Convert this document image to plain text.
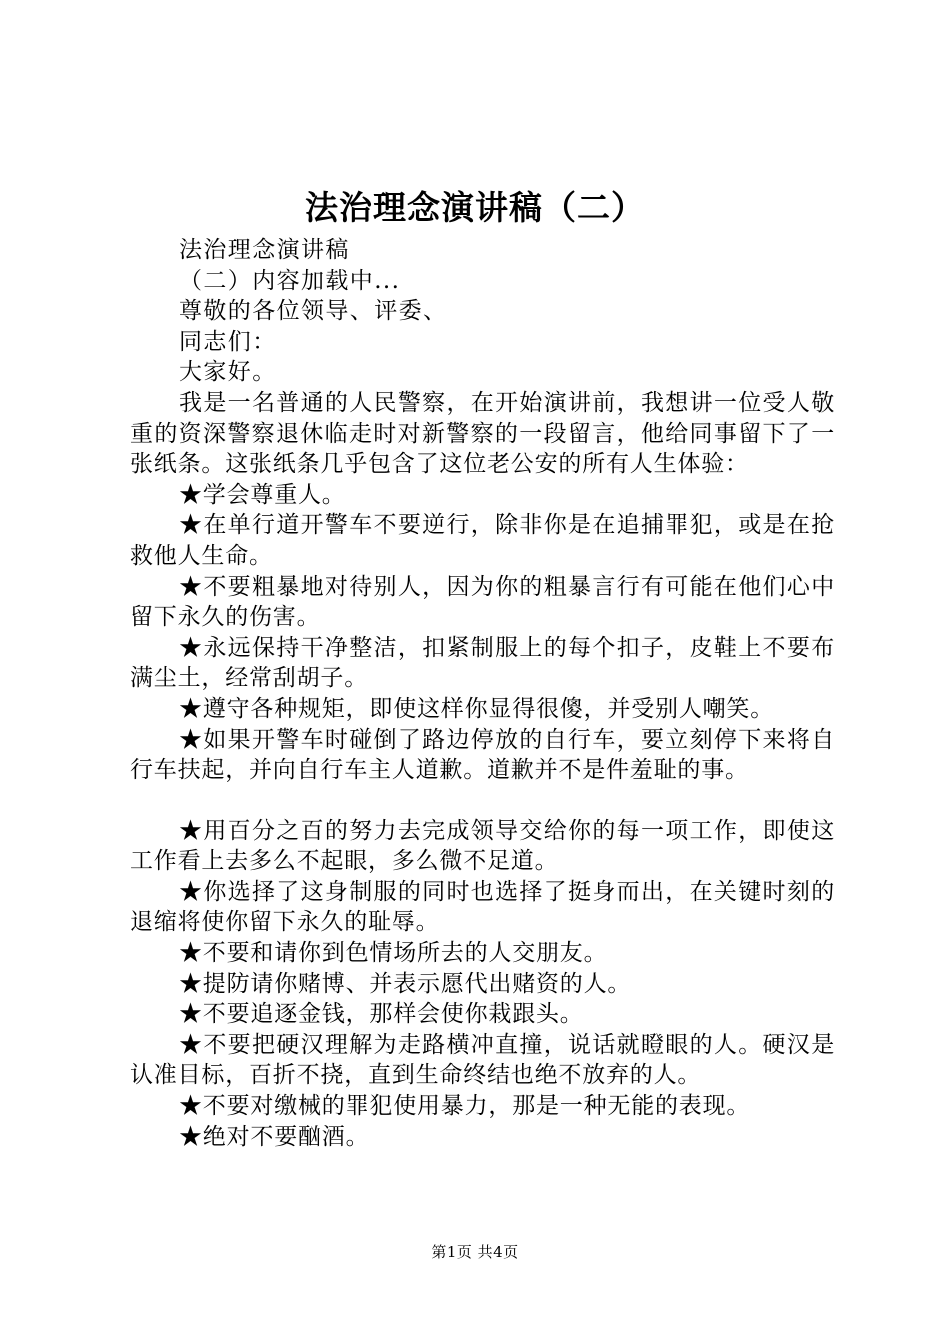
法治理念演讲稿（二）

法治理念演讲稿

（二）内容加载中...

尊敬的各位领导、评委、

同志们：

大家好。

我是一名普通的人民警察，在开始演讲前，我想讲一位受人敬重的资深警察退休临走时对新警察的一段留言，他给同事留下了一张纸条。这张纸条几乎包含了这位老公安的所有人生体验：

★学会尊重人。

★在单行道开警车不要逆行，除非你是在追捕罪犯，或是在抢救他人生命。

★不要粗暴地对待别人，因为你的粗暴言行有可能在他们心中留下永久的伤害。

★永远保持干净整洁，扣紧制服上的每个扣子，皮鞋上不要布满尘土，经常刮胡子。

★遵守各种规矩，即使这样你显得很傻，并受别人嘲笑。

★如果开警车时碰倒了路边停放的自行车，要立刻停下来将自行车扶起，并向自行车主人道歉。道歉并不是件羞耻的事。

★用百分之百的努力去完成领导交给你的每一项工作，即使这工作看上去多么不起眼，多么微不足道。

★你选择了这身制服的同时也选择了挺身而出，在关键时刻的退缩将使你留下永久的耻辱。

★不要和请你到色情场所去的人交朋友。

★提防请你赌博、并表示愿代出赌资的人。

★不要追逐金钱，那样会使你栽跟头。

★不要把硬汉理解为走路横冲直撞，说话就瞪眼的人。硬汉是认准目标，百折不挠，直到生命终结也绝不放弃的人。

★不要对缴械的罪犯使用暴力，那是一种无能的表现。

★绝对不要酗酒。

第1页 共4页
